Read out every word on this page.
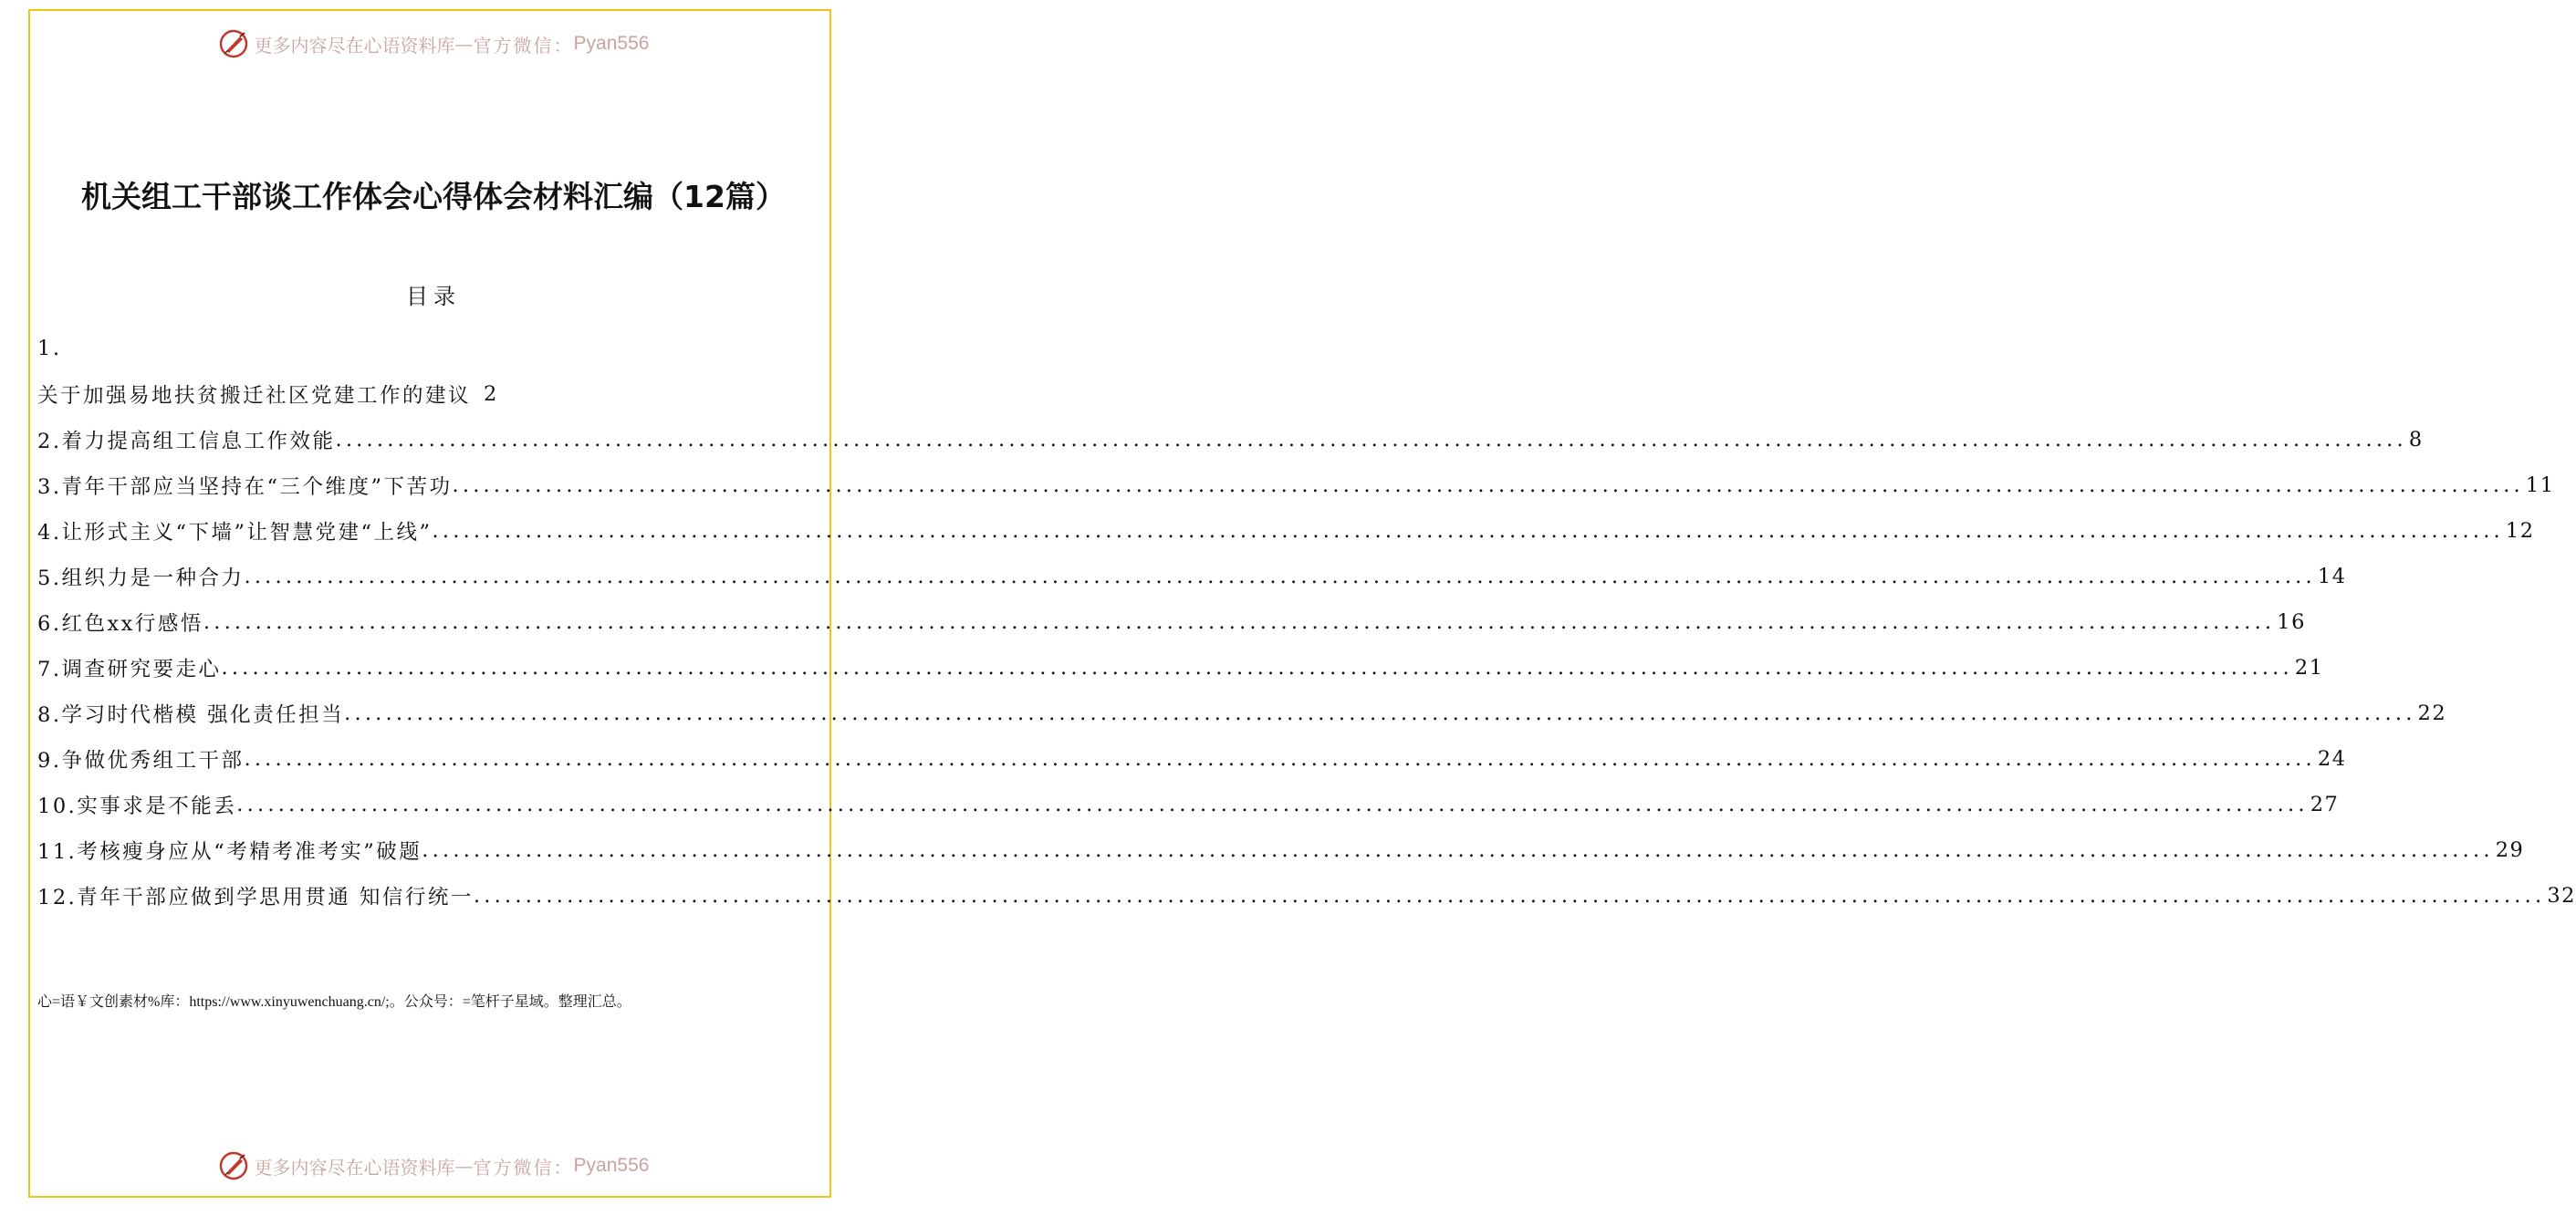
更多内容尽在心语资料库 — 官方微信： Pyan556
机关组工干部谈工作体会心得体会材料汇编（12篇）
目录
1.
关于加强易地扶贫搬迁社区党建工作的建议 2
2.着力提高组工信息工作效能 ........................................................................................................................................................................................................ 8
3.青年干部应当坚持在“三个维度”下苦功 ........................................................................................................................................................................................................ 11
4.让形式主义“下墙”让智慧党建“上线” ........................................................................................................................................................................................................ 12
5.组织力是一种合力 ........................................................................................................................................................................................................ 14
6.红色xx行感悟 ........................................................................................................................................................................................................ 16
7.调查研究要走心 ........................................................................................................................................................................................................ 21
8.学习时代楷模 强化责任担当 ........................................................................................................................................................................................................ 22
9.争做优秀组工干部 ........................................................................................................................................................................................................ 24
10.实事求是不能丢 ........................................................................................................................................................................................................ 27
11.考核瘦身应从“考精考准考实”破题 ........................................................................................................................................................................................................ 29
12.青年干部应做到学思用贯通 知信行统一 ........................................................................................................................................................................................................ 32
心=语￥文创素材%库：https://www.xinyuwenchuang.cn/;。公众号：=笔杆子星域。整理汇总。
更多内容尽在心语资料库 — 官方微信： Pyan556
